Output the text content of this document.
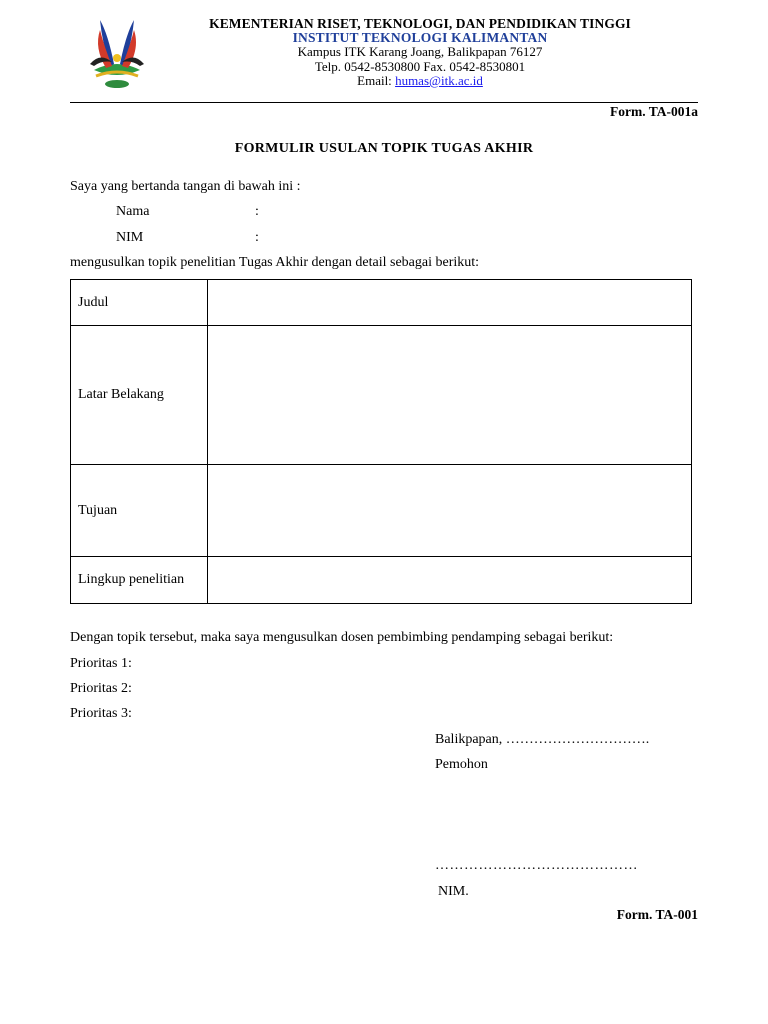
KEMENTERIAN RISET, TEKNOLOGI, DAN PENDIDIKAN TINGGI
INSTITUT TEKNOLOGI KALIMANTAN
Kampus ITK Karang Joang, Balikpapan 76127
Telp. 0542-8530800 Fax. 0542-8530801
Email: humas@itk.ac.id
Form. TA-001a
FORMULIR USULAN TOPIK TUGAS AKHIR
Saya yang bertanda tangan di bawah ini :
Nama	:
NIM	:
mengusulkan topik penelitian Tugas Akhir dengan detail sebagai berikut:
Judul	
Latar Belakang	
Tujuan	
Lingkup penelitian	
Dengan topik tersebut, maka saya mengusulkan dosen pembimbing pendamping sebagai berikut:
Prioritas 1:
Prioritas 2:
Prioritas 3:
Balikpapan, ………………………….
Pemohon
……………………………………
NIM.
Form. TA-001
